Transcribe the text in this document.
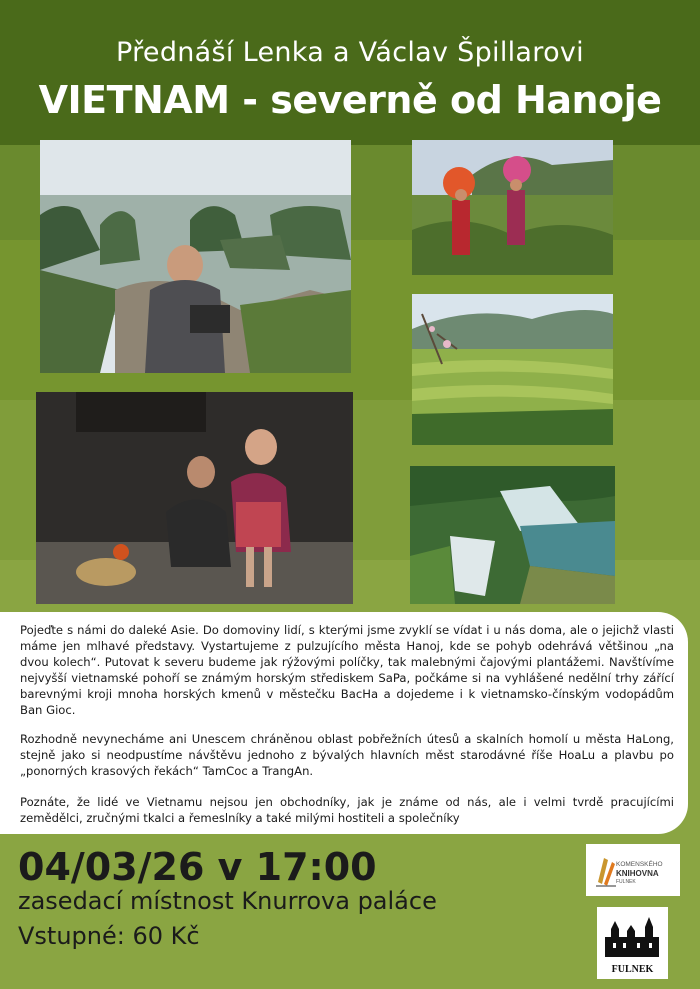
Přednáší Lenka a Václav Špillarovi
VIETNAM - severně od Hanoje

Pojeďte s námi do daleké Asie. Do domoviny lidí, s kterými jsme zvyklí se vídat i u nás doma, ale o jejichž vlasti máme jen mlhavé představy. Vystartujeme z pulzujícího města Hanoj, kde se pohyb odehrává většinou „na dvou kolech“. Putovat k severu budeme jak rýžovými políčky, tak malebnými čajovými plantážemi. Navštívíme nejvyšší vietnamské pohoří se známým horským střediskem SaPa, počkáme si na vyhlášené nedělní trhy zářící barevnými kroji mnoha horských kmenů v městečku BacHa a dojedeme i k vietnamsko-čínským vodopádům Ban Gioc.

Rozhodně nevynecháme ani Unescem chráněnou oblast pobřežních útesů a skalních homolí u města HaLong, stejně jako si neodpustíme návštěvu jednoho z bývalých hlavních měst starodávné říše HoaLu a plavbu po „ponorných krasových řekách“ TamCoc a TrangAn.

Poznáte, že lidé ve Vietnamu nejsou jen obchodníky, jak je známe od nás, ale i velmi tvrdě pracujícími zemědělci, zručnými tkalci a řemeslníky a také milými hostiteli a společníky

04/03/26 v 17:00
zasedací místnost Knurrova paláce
Vstupné: 60 Kč
KOMENSKÉHO
KNIHOVNA
FULNEK
FULNEK
